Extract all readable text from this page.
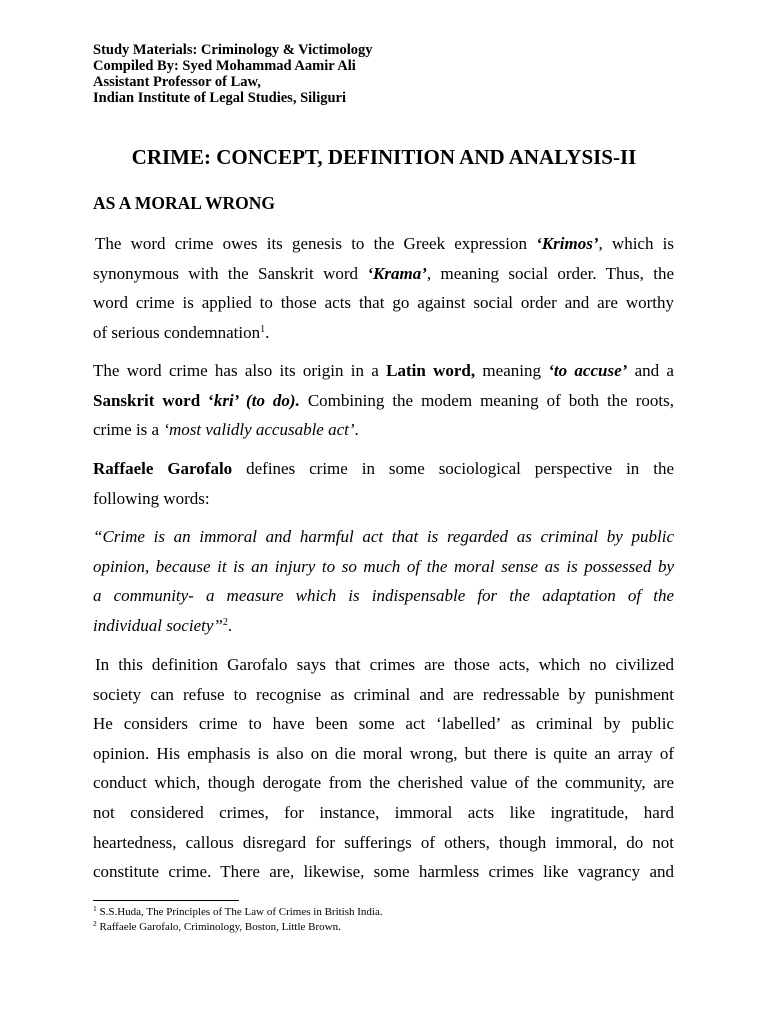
Study Materials: Criminology & Victimology
Compiled By: Syed Mohammad Aamir Ali
Assistant Professor of Law,
Indian Institute of Legal Studies, Siliguri
CRIME: CONCEPT, DEFINITION AND ANALYSIS-II
AS A MORAL WRONG
The word crime owes its genesis to the Greek expression ‘Krimos’, which is
synonymous with the Sanskrit word ‘Krama’, meaning social order. Thus, the
word crime is applied to those acts that go against social order and are worthy
of serious condemnation$^1$.
The word crime has also its origin in a Latin word, meaning ‘to accuse’ and a
Sanskrit word ‘kri’ (to do). Combining the modem meaning of both the roots,
crime is a ‘most validly accusable act’.
Raffaele Garofalo defines crime in some sociological perspective in the
following words:
“Crime is an immoral and harmful act that is regarded as criminal by public
opinion, because it is an injury to so much of the moral sense as is possessed by
a community- a measure which is indispensable for the adaptation of the
individual society”$^2$.
In this definition Garofalo says that crimes are those acts, which no civilized
society can refuse to recognise as criminal and are redressable by punishment
He considers crime to have been some act ‘labelled’ as criminal by public
opinion. His emphasis is also on die moral wrong, but there is quite an array of
conduct which, though derogate from the cherished value of the community, are
not considered crimes, for instance, immoral acts like ingratitude, hard
heartedness, callous disregard for sufferings of others, though immoral, do not
constitute crime. There are, likewise, some harmless crimes like vagrancy and
$^1$ S.S.Huda, The Principles of The Law of Crimes in British India.
$^2$ Raffaele Garofalo, Criminology, Boston, Little Brown.
